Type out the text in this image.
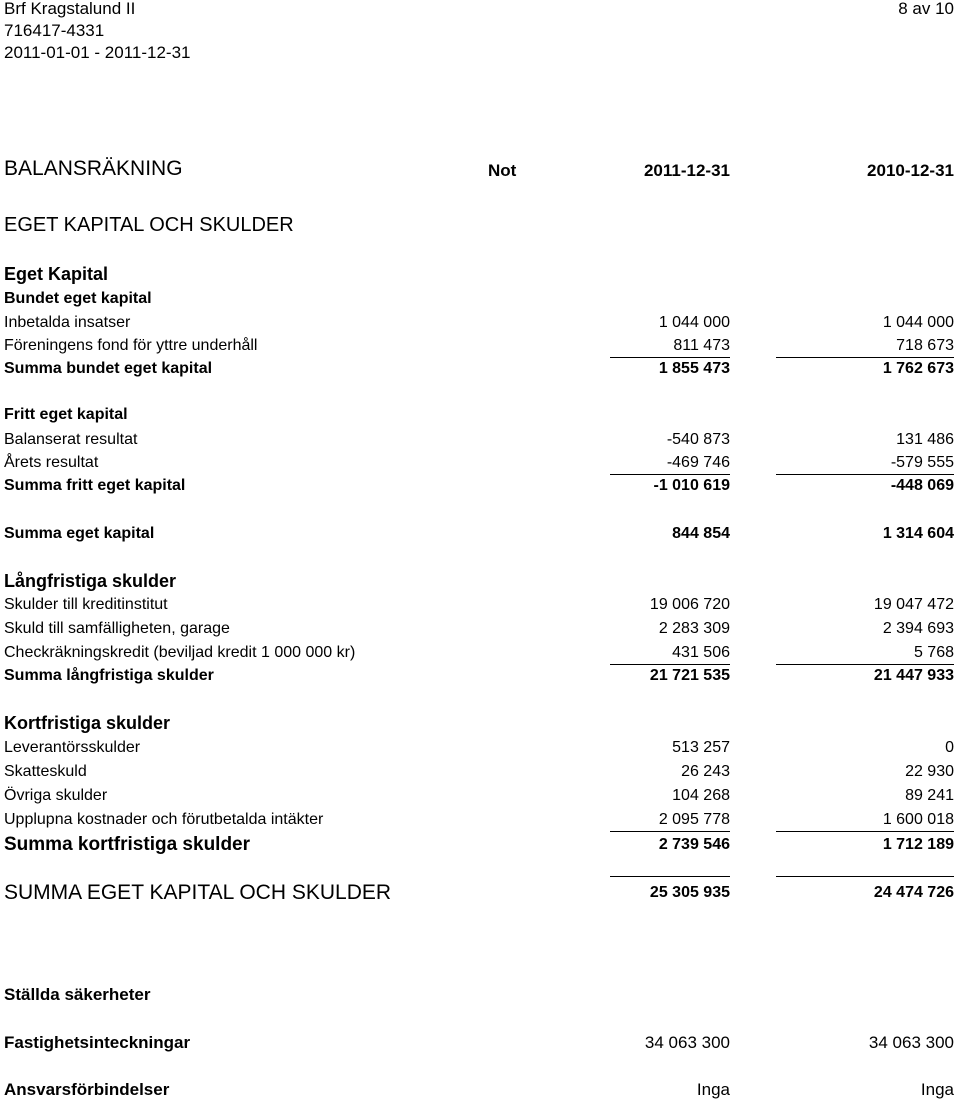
Brf Kragstalund II	8 av 10
716417-4331
2011-01-01 - 2011-12-31
BALANSRÄKNING	Not	2011-12-31	2010-12-31
EGET KAPITAL OCH SKULDER
Eget Kapital
Bundet eget kapital
Inbetalda insatser	1 044 000	1 044 000
Föreningens fond för yttre underhåll	811 473	718 673
Summa bundet eget kapital	1 855 473	1 762 673
Fritt eget kapital
Balanserat resultat	-540 873	131 486
Årets resultat	-469 746	-579 555
Summa fritt eget kapital	-1 010 619	-448 069
Summa eget kapital	844 854	1 314 604
Långfristiga skulder
Skulder till kreditinstitut	19 006 720	19 047 472
Skuld till samfälligheten, garage	2 283 309	2 394 693
Checkräkningskredit (beviljad kredit 1 000 000 kr)	431 506	5 768
Summa långfristiga skulder	21 721 535	21 447 933
Kortfristiga skulder
Leverantörsskulder	513 257	0
Skatteskuld	26 243	22 930
Övriga skulder	104 268	89 241
Upplupna kostnader och förutbetalda intäkter	2 095 778	1 600 018
Summa kortfristiga skulder	2 739 546	1 712 189
SUMMA EGET KAPITAL OCH SKULDER	25 305 935	24 474 726
Ställda säkerheter
Fastighetsinteckningar	34 063 300	34 063 300
Ansvarsförbindelser	Inga	Inga
